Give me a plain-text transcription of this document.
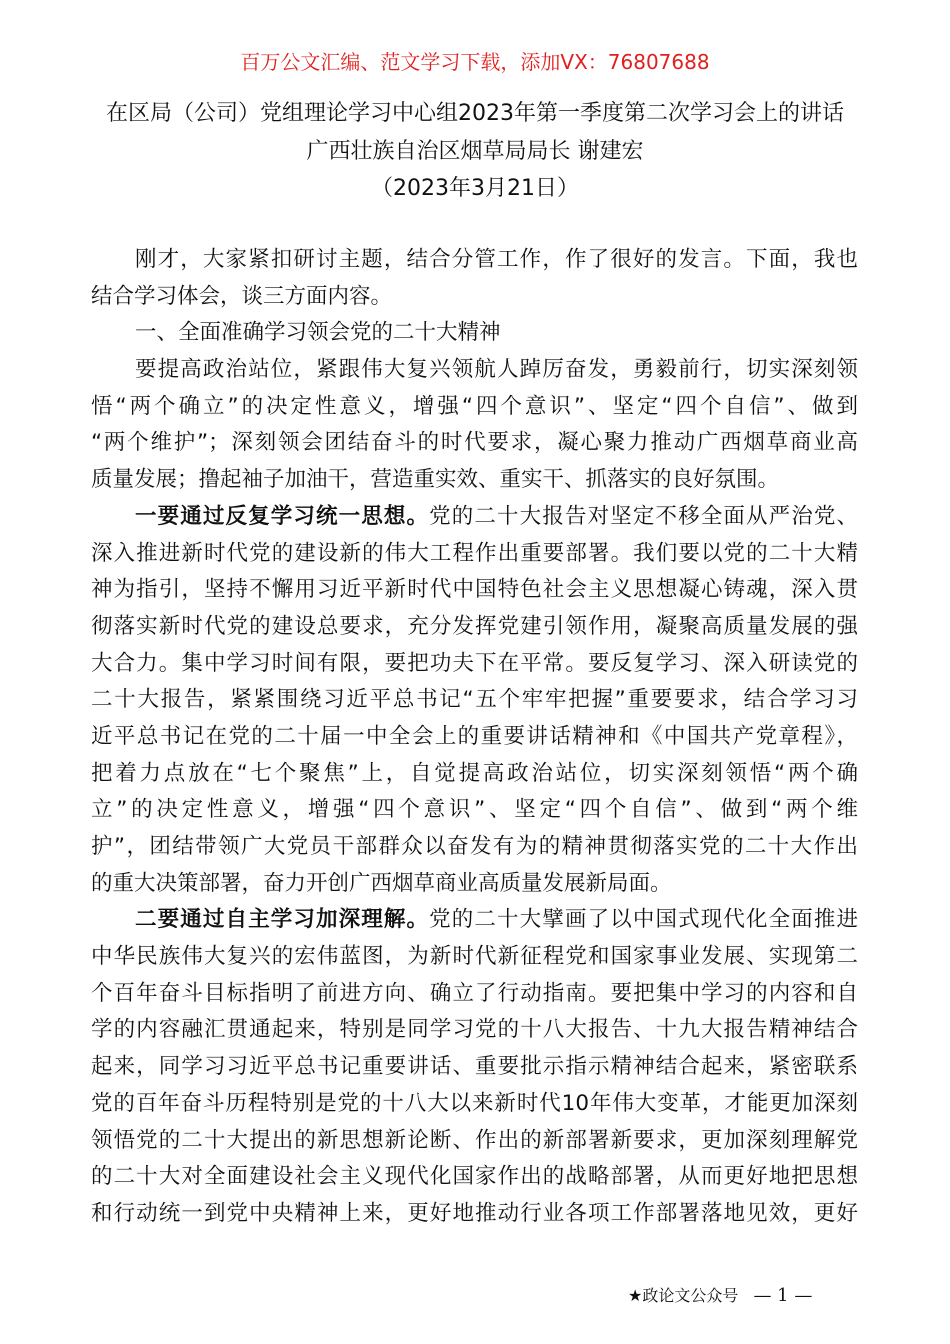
百万公文汇编、范文学习下载，添加VX：76807688
在区局（公司）党组理论学习中心组2023年第一季度第二次学习会上的讲话
广西壮族自治区烟草局局长 谢建宏
（2023年3月21日）
刚才，大家紧扣研讨主题，结合分管工作，作了很好的发言。下面，我也
结合学习体会，谈三方面内容。
一、全面准确学习领会党的二十大精神
要提高政治站位，紧跟伟大复兴领航人踔厉奋发，勇毅前行，切实深刻领
悟“两个确立”的决定性意义，增强“四个意识”、坚定“四个自信”、做到
“两个维护”；深刻领会团结奋斗的时代要求，凝心聚力推动广西烟草商业高
质量发展；撸起袖子加油干，营造重实效、重实干、抓落实的良好氛围。
一要通过反复学习统一思想。党的二十大报告对坚定不移全面从严治党、
深入推进新时代党的建设新的伟大工程作出重要部署。我们要以党的二十大精
神为指引，坚持不懈用习近平新时代中国特色社会主义思想凝心铸魂，深入贯
彻落实新时代党的建设总要求，充分发挥党建引领作用，凝聚高质量发展的强
大合力。集中学习时间有限，要把功夫下在平常。要反复学习、深入研读党的
二十大报告，紧紧围绕习近平总书记“五个牢牢把握”重要要求，结合学习习
近平总书记在党的二十届一中全会上的重要讲话精神和《中国共产党章程》，
把着力点放在“七个聚焦”上，自觉提高政治站位，切实深刻领悟“两个确
立”的决定性意义，增强“四个意识”、坚定“四个自信”、做到“两个维
护”，团结带领广大党员干部群众以奋发有为的精神贯彻落实党的二十大作出
的重大决策部署，奋力开创广西烟草商业高质量发展新局面。
二要通过自主学习加深理解。党的二十大擘画了以中国式现代化全面推进
中华民族伟大复兴的宏伟蓝图，为新时代新征程党和国家事业发展、实现第二
个百年奋斗目标指明了前进方向、确立了行动指南。要把集中学习的内容和自
学的内容融汇贯通起来，特别是同学习党的十八大报告、十九大报告精神结合
起来，同学习习近平总书记重要讲话、重要批示指示精神结合起来，紧密联系
党的百年奋斗历程特别是党的十八大以来新时代10年伟大变革，才能更加深刻
领悟党的二十大提出的新思想新论断、作出的新部署新要求，更加深刻理解党
的二十大对全面建设社会主义现代化国家作出的战略部署，从而更好地把思想
和行动统一到党中央精神上来，更好地推动行业各项工作部署落地见效，更好
★政论文公众号 — 1 —
